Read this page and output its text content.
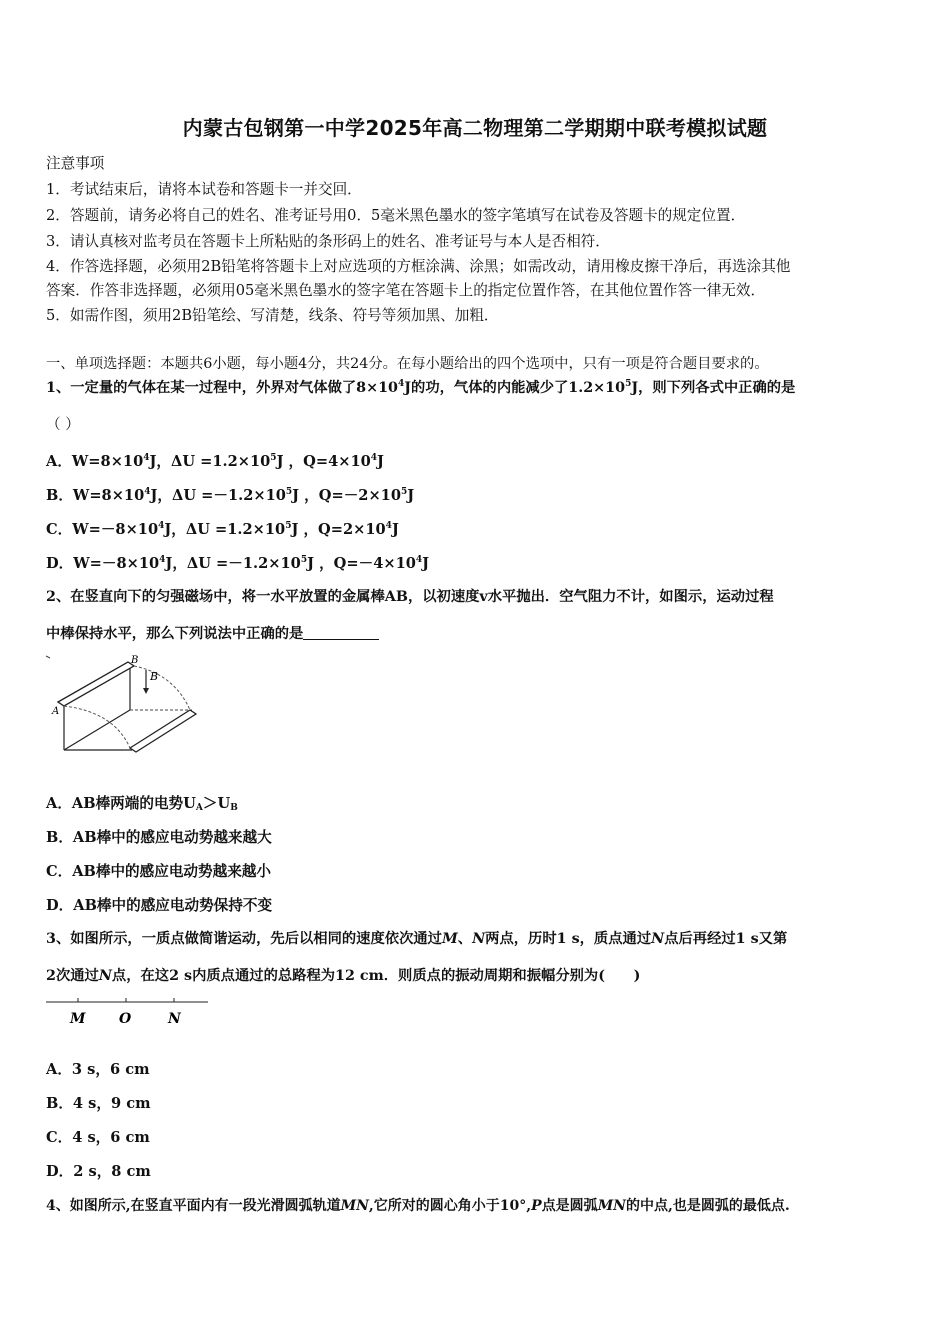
内蒙古包钢第一中学2025年高二物理第二学期期中联考模拟试题
注意事项
1．考试结束后，请将本试卷和答题卡一并交回．
2．答题前，请务必将自己的姓名、准考证号用0．5毫米黑色墨水的签字笔填写在试卷及答题卡的规定位置．
3．请认真核对监考员在答题卡上所粘贴的条形码上的姓名、准考证号与本人是否相符．
4．作答选择题，必须用2B铅笔将答题卡上对应选项的方框涂满、涂黑；如需改动，请用橡皮擦干净后，再选涂其他
答案．作答非选择题，必须用05毫米黑色墨水的签字笔在答题卡上的指定位置作答，在其他位置作答一律无效．
5．如需作图，须用2B铅笔绘、写清楚，线条、符号等须加黑、加粗．
一、单项选择题：本题共6小题，每小题4分，共24分。在每小题给出的四个选项中，只有一项是符合题目要求的。
1、一定量的气体在某一过程中，外界对气体做了$8\times 10^4J$的功，气体的内能减少了$1.2\times 10^5J$，则下列各式中正确的是
（ ）
A．$W=8\times 10^4J$，$\Delta U =1.2\times 10^5J$ ，$Q=4\times 10^4J$
B．$W=8\times 10^4J$，$\Delta U =-1.2\times 10^5J$ ，$Q=-2\times 10^5J$
C．$W=-8\times 10^4J$，$\Delta U =1.2\times 10^5J$ ，$Q=2\times 10^4J$
D．$W=-8\times 10^4J$，$\Delta U =-1.2\times 10^5J$ ，$Q=-4\times 10^4J$
2、在竖直向下的匀强磁场中，将一水平放置的金属棒AB，以初速度v水平抛出．空气阻力不计，如图示，运动过程
中棒保持水平，那么下列说法中正确的是
B
B
A
A．AB棒两端的电势$U_A>U_B$
B．AB棒中的感应电动势越来越大
C．AB棒中的感应电动势越来越小
D．AB棒中的感应电动势保持不变
3、如图所示，一质点做简谐运动，先后以相同的速度依次通过M、N两点，历时1 s，质点通过N点后再经过1 s又第
2次通过N点，在这2 s内质点通过的总路程为12 cm．则质点的振动周期和振幅分别为(　　)
M O	N
A．3 s，6 cm
B．4 s，9 cm
C．4 s，6 cm
D．2 s，8 cm
4、如图所示,在竖直平面内有一段光滑圆弧轨道MN,它所对的圆心角小于10°,P点是圆弧MN的中点,也是圆弧的最低点.
